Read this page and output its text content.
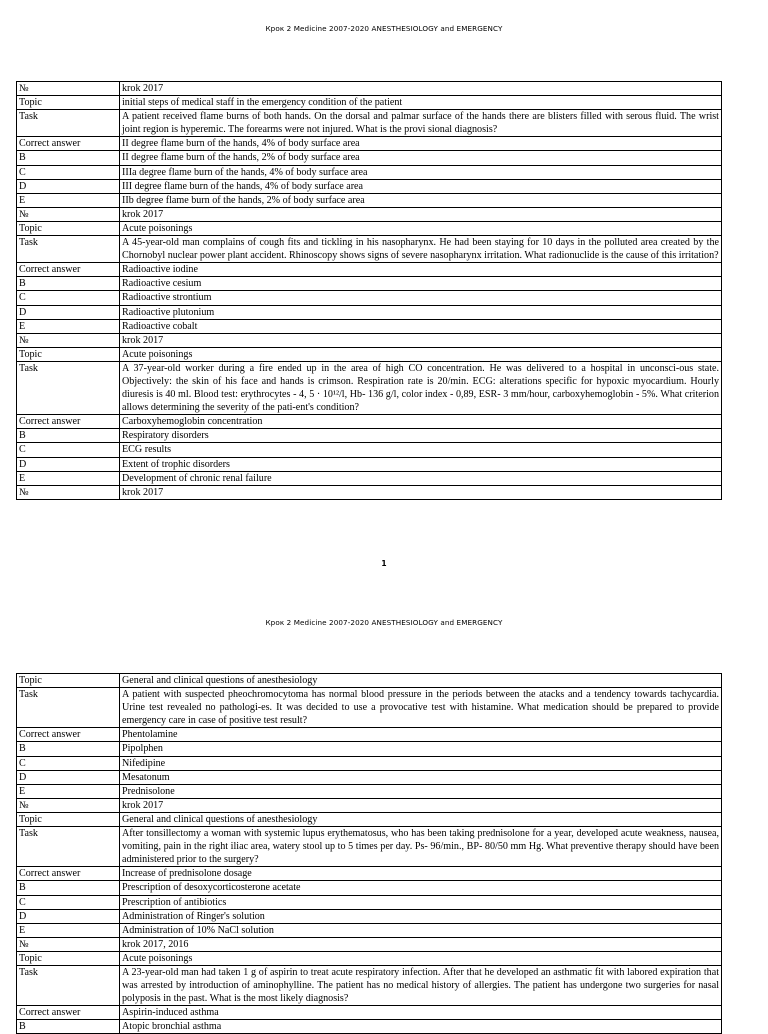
Крок 2 Medicine 2007-2020 ANESTHESIOLOGY and EMERGENCY
№	krok 2017
Topic	initial steps of medical staff in the emergency condition of the patient
Task	A patient received flame burns of both hands. On the dorsal and palmar surface of the hands there are blisters filled with serous fluid. The wrist joint region is hyperemic. The forearms were not injured. What is the provi sional diagnosis?
Correct answer	II degree flame burn of the hands, 4% of body surface area
B	II degree flame burn of the hands, 2% of body surface area
C	IIIa degree flame burn of the hands, 4% of body surface area
D	III degree flame burn of the hands, 4% of body surface area
E	IIb degree flame burn of the hands, 2% of body surface area
№	krok 2017
Topic	Acute poisonings
Task	A 45-year-old man complains of cough fits and tickling in his nasopharynx. He had been staying for 10 days in the polluted area created by the Chornobyl nuclear power plant accident. Rhinoscopy shows signs of severe nasopharynx irritation. What radionuclide is the cause of this irritation?
Correct answer	Radioactive iodine
B	Radioactive cesium
C	Radioactive strontium
D	Radioactive plutonium
E	Radioactive cobalt
№	krok 2017
Topic	Acute poisonings
Task	A 37-year-old worker during a fire ended up in the area of high CO concentration. He was delivered to a hospital in unconsci-ous state. Objectively: the skin of his face and hands is crimson. Respiration rate is 20/min. ECG: alterations specific for hypoxic myocardium. Hourly diuresis is 40 ml. Blood test: erythrocytes - 4, 5 · 10¹²/l, Hb- 136 g/l, color index - 0,89, ESR- 3 mm/hour, carboxyhemoglobin - 5%. What criterion allows determining the severity of the pati-ent's condition?
Correct answer	Carboxyhemoglobin concentration
B	Respiratory disorders
C	ECG results
D	Extent of trophic disorders
E	Development of chronic renal failure
№	krok 2017
1
Крок 2 Medicine 2007-2020 ANESTHESIOLOGY and EMERGENCY
Topic	General and clinical questions of anesthesiology
Task	A patient with suspected pheochromocytoma has normal blood pressure in the periods between the atacks and a tendency towards tachycardia. Urine test revealed no pathologi-es. It was decided to use a provocative test with histamine. What medication should be prepared to provide emergency care in case of positive test result?
Correct answer	Phentolamine
B	Pipolphen
C	Nifedipine
D	Mesatonum
E	Prednisolone
№	krok 2017
Topic	General and clinical questions of anesthesiology
Task	After tonsillectomy a woman with systemic lupus erythematosus, who has been taking prednisolone for a year, developed acute weakness, nausea, vomiting, pain in the right iliac area, watery stool up to 5 times per day. Ps- 96/min., BP- 80/50 mm Hg. What preventive therapy should have been administered prior to the surgery?
Correct answer	Increase of prednisolone dosage
B	Prescription of desoxycorticosterone acetate
C	Prescription of antibiotics
D	Administration of Ringer's solution
E	Administration of 10% NaCl solution
№	krok 2017, 2016
Topic	Acute poisonings
Task	A 23-year-old man had taken 1 g of aspirin to treat acute respiratory infection. After that he developed an asthmatic fit with labored expiration that was arrested by introduction of aminophylline. The patient has no medical history of allergies. The patient has undergone two surgeries for nasal polyposis in the past. What is the most likely diagnosis?
Correct answer	Aspirin-induced asthma
B	Atopic bronchial asthma
